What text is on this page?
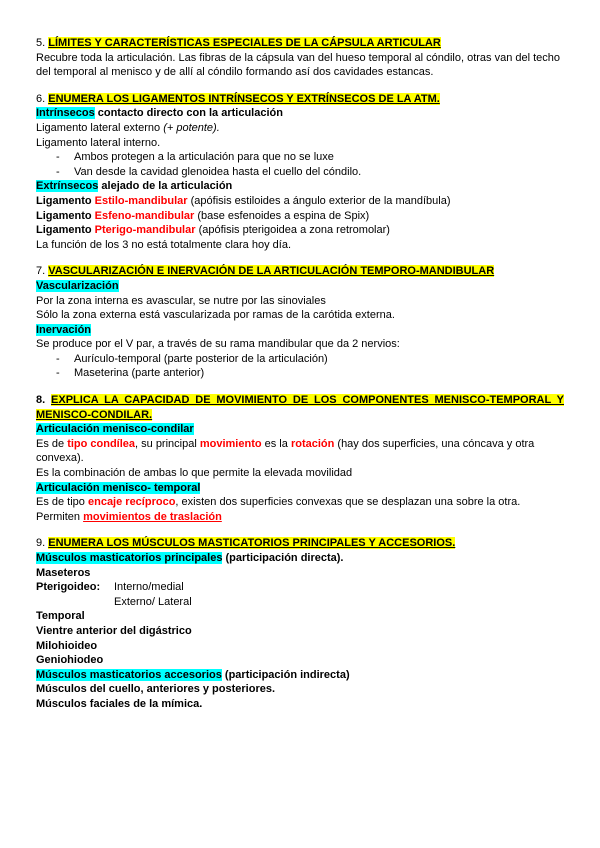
5. LÍMITES Y CARACTERÍSTICAS ESPECIALES DE LA CÁPSULA ARTICULAR

Recubre toda la articulación. Las fibras de la cápsula van del hueso temporal al cóndilo, otras van del techo del temporal al menisco y de allí al cóndilo formando así dos cavidades estancas.

6. ENUMERA LOS LIGAMENTOS INTRÍNSECOS Y EXTRÍNSECOS DE LA ATM.

Intrínsecos contacto directo con la articulación

Ligamento lateral externo (+ potente).

Ligamento lateral interno.

- Ambos protegen a la articulación para que no se luxe

- Van desde la cavidad glenoidea hasta el cuello del cóndilo.

Extrínsecos alejado de la articulación

Ligamento Estilo-mandibular (apófisis estiloides a ángulo exterior de la mandíbula)

Ligamento Esfeno-mandibular (base esfenoides a espina de Spix)

Ligamento Pterigo-mandibular (apófisis pterigoidea a zona retromolar)

La función de los 3 no está totalmente clara hoy día.

7. VASCULARIZACIÓN E INERVACIÓN DE LA ARTICULACIÓN TEMPORO-MANDIBULAR

Vascularización

Por la zona interna es avascular, se nutre por las sinoviales

Sólo la zona externa está vascularizada por ramas de la carótida externa.

Inervación

Se produce por el V par, a través de su rama mandibular que da 2 nervios:

- Aurículo-temporal (parte posterior de la articulación)

- Maseterina (parte anterior)

8. EXPLICA LA CAPACIDAD DE MOVIMIENTO DE LOS COMPONENTES MENISCO-TEMPORAL Y MENISCO-CONDILAR.

Articulación menisco-condilar

Es de tipo condílea, su principal movimiento es la rotación (hay dos superficies, una cóncava y otra convexa).

Es la combinación de ambas lo que permite la elevada movilidad

Articulación menisco- temporal

Es de tipo encaje recíproco, existen dos superficies convexas que se desplazan una sobre la otra. Permiten movimientos de traslación

9. ENUMERA LOS MÚSCULOS MASTICATORIOS PRINCIPALES Y ACCESORIOS.

Músculos masticatorios principales (participación directa).

Maseteros

Pterigoideo:Interno/medial

Externo/ Lateral

Temporal

Vientre anterior del digástrico

Milohioideo

Geniohiodeo

Músculos masticatorios accesorios (participación indirecta)

Músculos del cuello, anteriores y posteriores.

Músculos faciales de la mímica.
